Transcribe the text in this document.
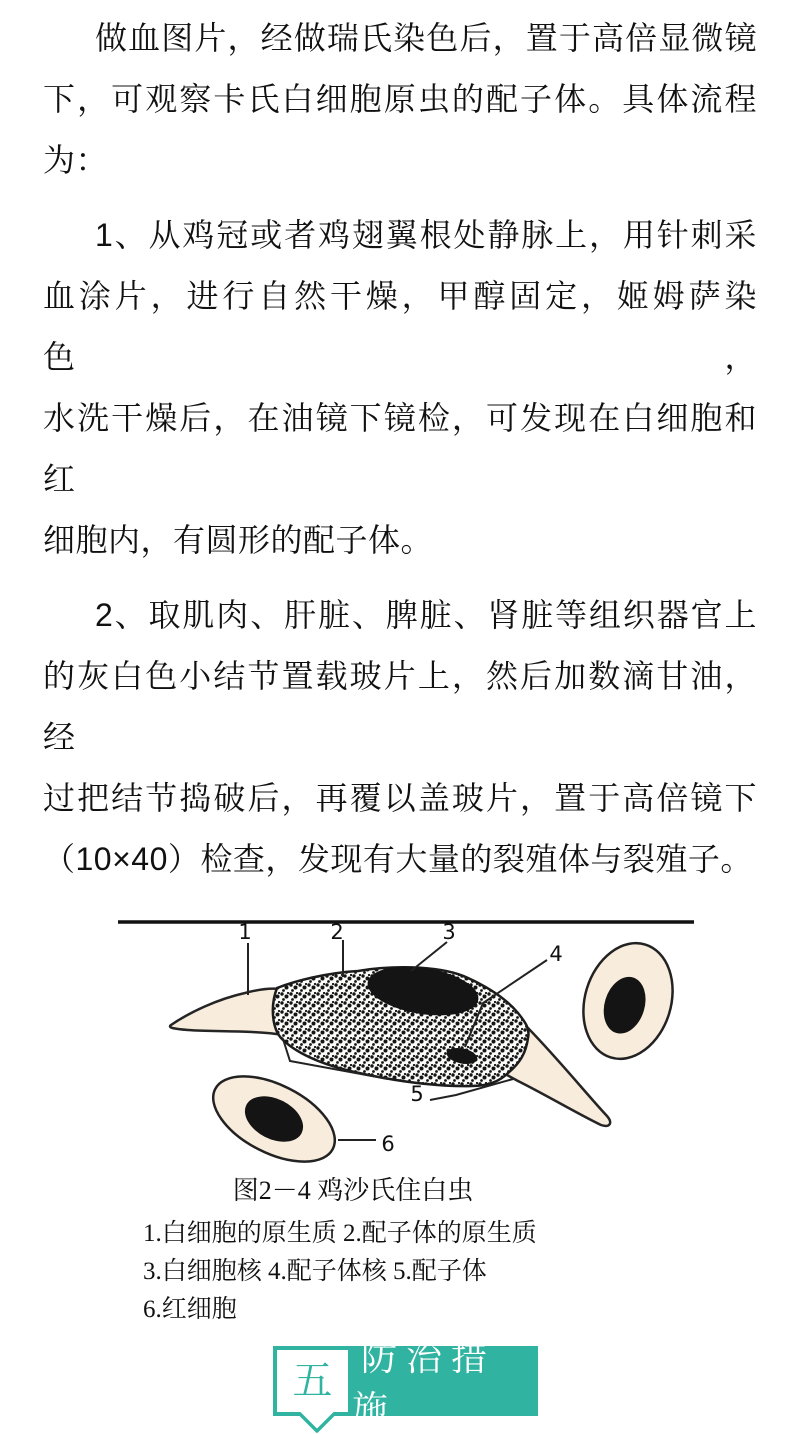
做血图片，经做瑞氏染色后，置于高倍显微镜
下，可观察卡氏白细胞原虫的配子体。具体流程
为：
1、从鸡冠或者鸡翅翼根处静脉上，用针刺采
血涂片，进行自然干燥，甲醇固定，姬姆萨染色，
水洗干燥后，在油镜下镜检，可发现在白细胞和红
细胞内，有圆形的配子体。
2、取肌肉、肝脏、脾脏、肾脏等组织器官上
的灰白色小结节置载玻片上，然后加数滴甘油，经
过把结节捣破后，再覆以盖玻片，置于高倍镜下
（10×40）检查，发现有大量的裂殖体与裂殖子。
1	2	3
4
5
6
图2－4 鸡沙氏住白虫
1.白细胞的原生质 2.配子体的原生质
3.白细胞核 4.配子体核 5.配子体
6.红细胞
五
防治措施
